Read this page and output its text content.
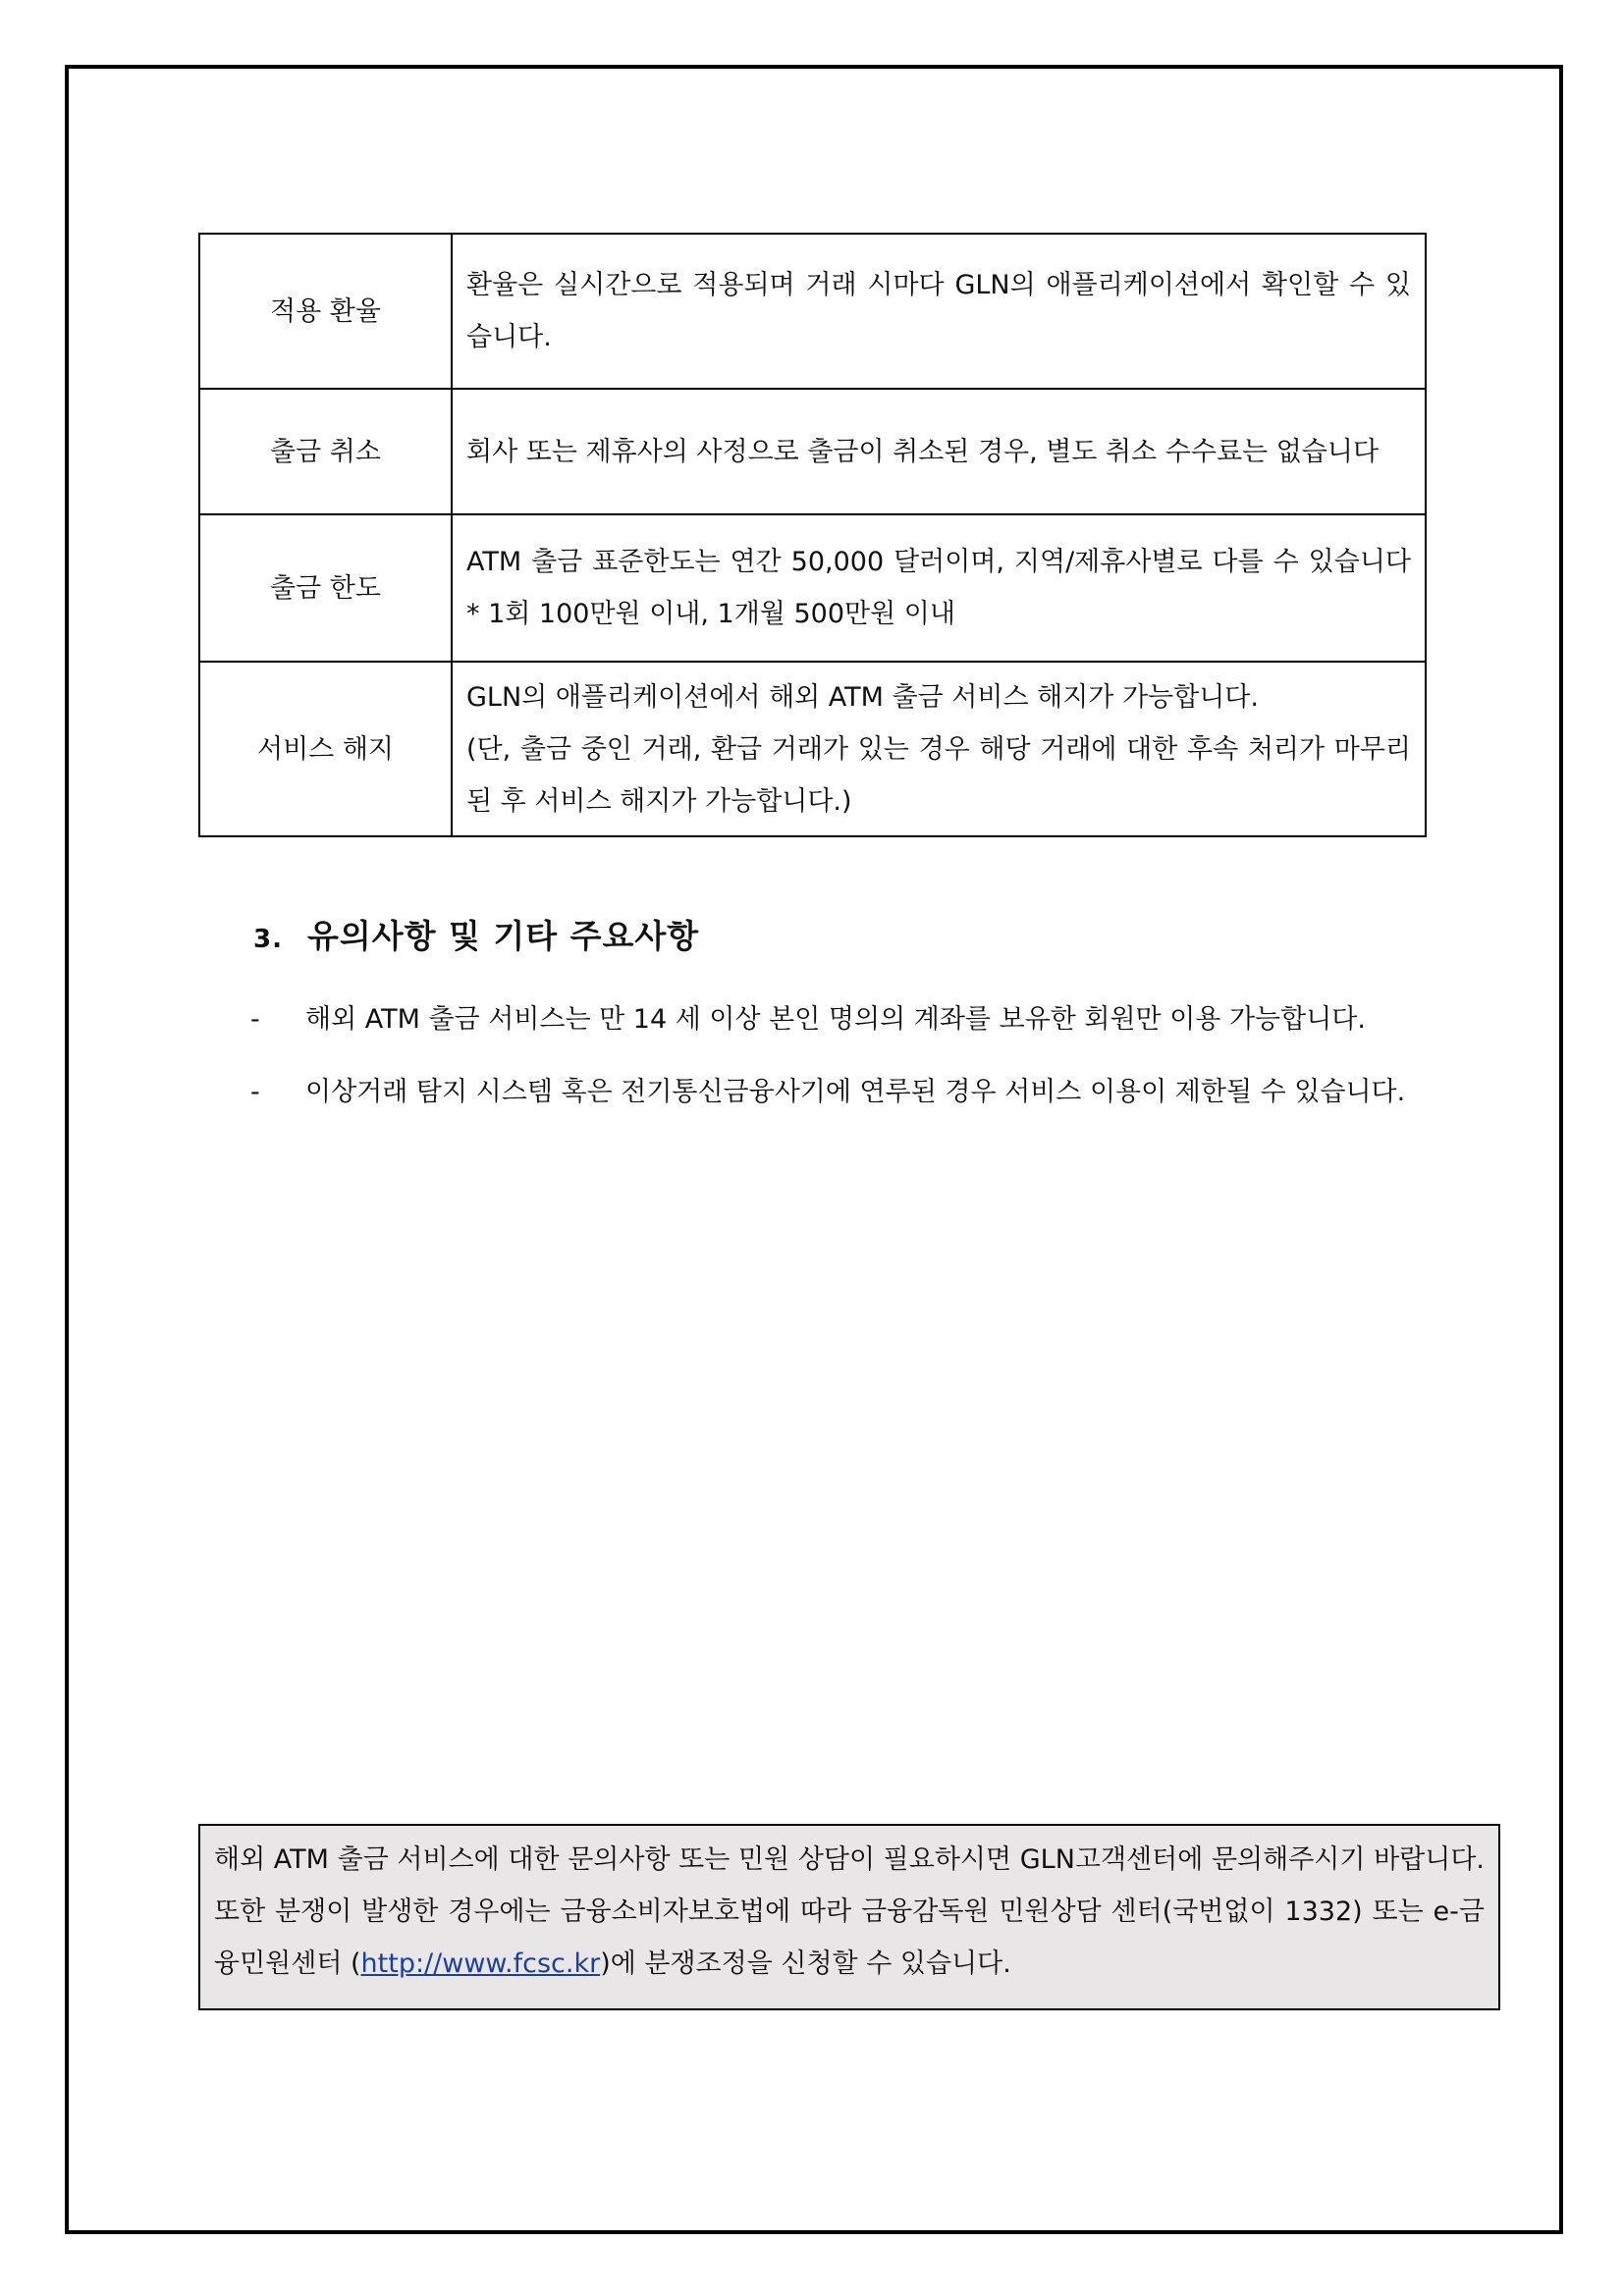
적용 환율	환율은 실시간으로 적용되며 거래 시마다 GLN의 애플리케이션에서 확인할 수 있습니다.
출금 취소	회사 또는 제휴사의 사정으로 출금이 취소된 경우, 별도 취소 수수료는 없습니다
출금 한도	ATM 출금 표준한도는 연간 50,000 달러이며, 지역/제휴사별로 다를 수 있습니다 * 1회 100만원 이내, 1개월 500만원 이내
서비스 해지	GLN의 애플리케이션에서 해외 ATM 출금 서비스 해지가 가능합니다.
(단, 출금 중인 거래, 환급 거래가 있는 경우 해당 거래에 대한 후속 처리가 마무리된 후 서비스 해지가 가능합니다.)
3. 유의사항 및 기타 주요사항
- 해외 ATM 출금 서비스는 만 14 세 이상 본인 명의의 계좌를 보유한 회원만 이용 가능합니다.
- 이상거래 탐지 시스템 혹은 전기통신금융사기에 연루된 경우 서비스 이용이 제한될 수 있습니다.
해외 ATM 출금 서비스에 대한 문의사항 또는 민원 상담이 필요하시면 GLN고객센터에 문의해주시기 바랍니다. 또한 분쟁이 발생한 경우에는 금융소비자보호법에 따라 금융감독원 민원상담 센터(국번없이 1332) 또는 e-금융민원센터 (http://www.fcsc.kr)에 분쟁조정을 신청할 수 있습니다.
